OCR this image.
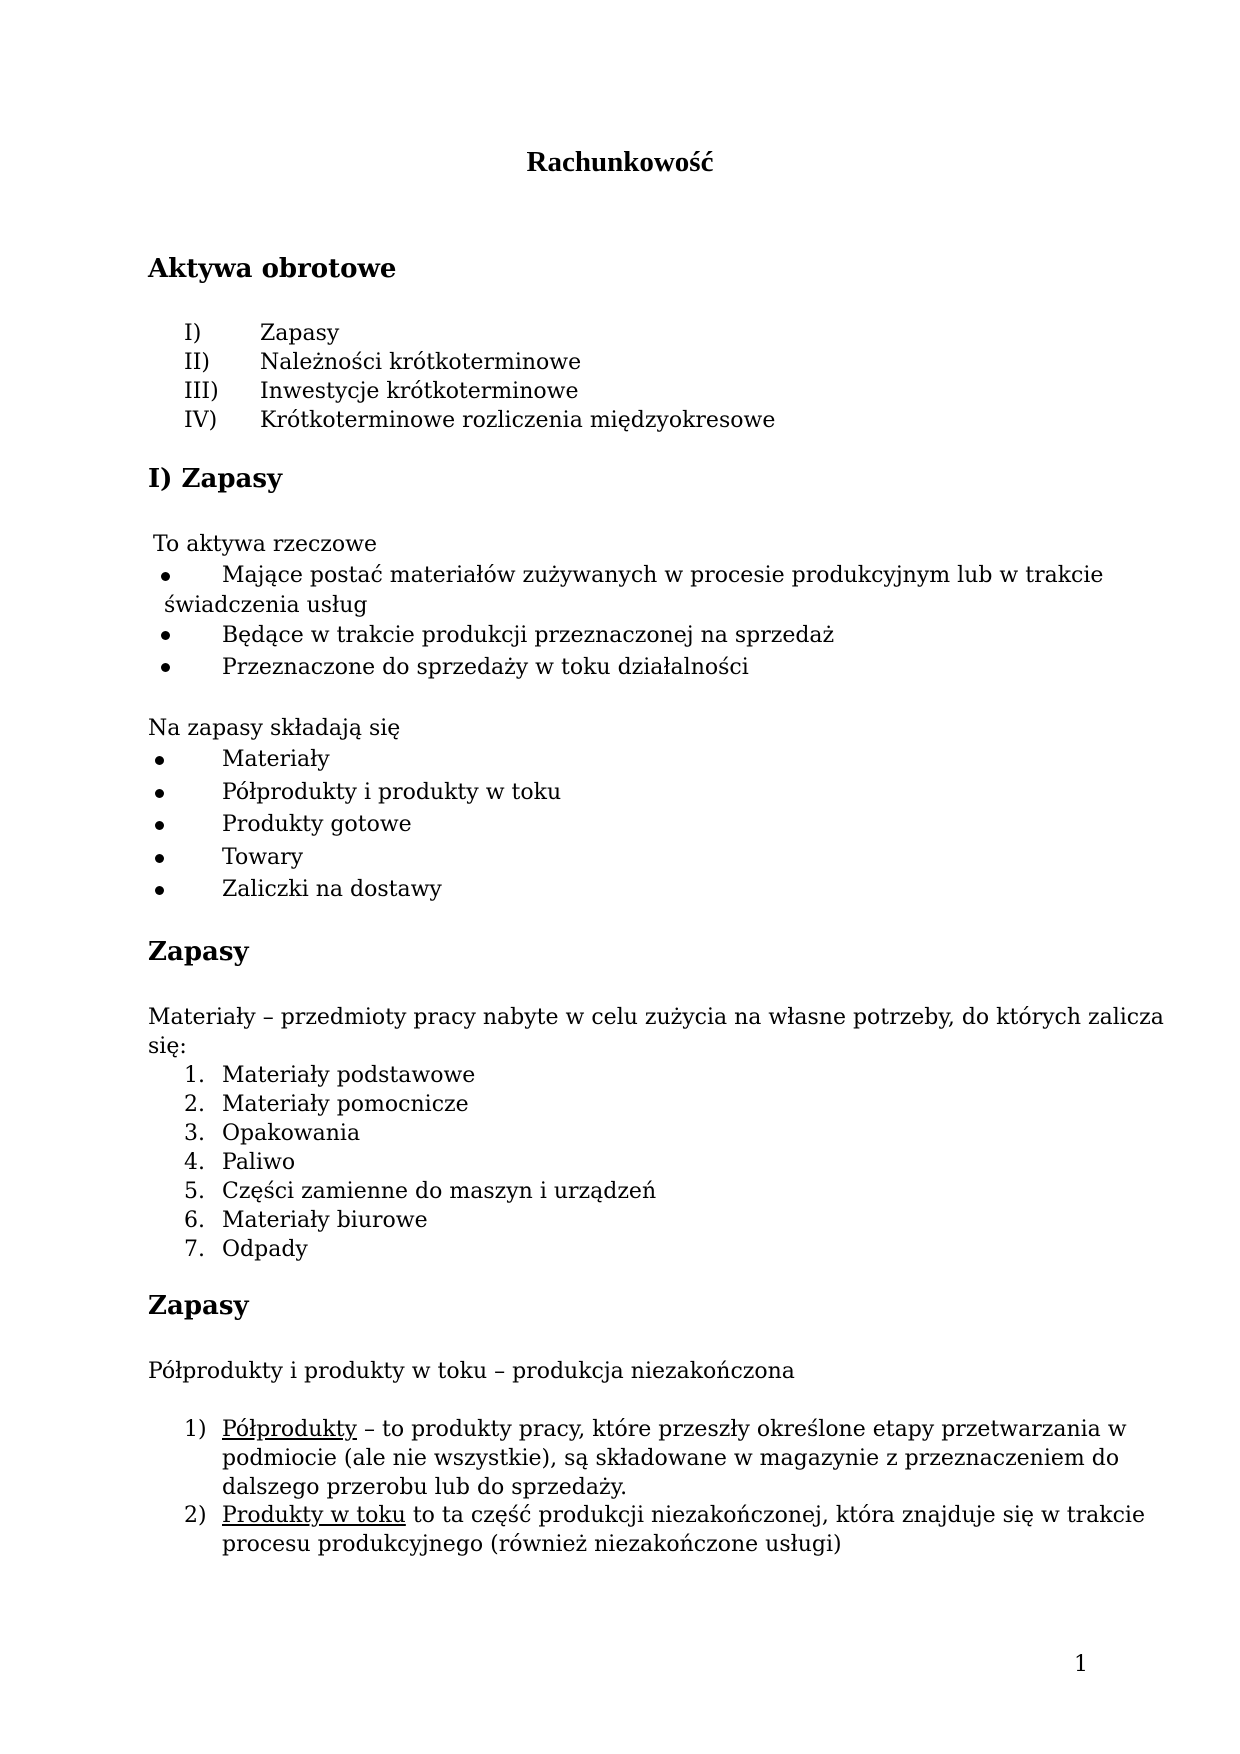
Rachunkowość
Aktywa obrotowe
I)	Zapasy
II) Należności krótkoterminowe
III) Inwestycje krótkoterminowe
IV) Krótkoterminowe rozliczenia międzyokresowe
I) Zapasy
To aktywa rzeczowe
Mające postać materiałów zużywanych w procesie produkcyjnym lub w trakcie
świadczenia usług
Będące w trakcie produkcji przeznaczonej na sprzedaż
Przeznaczone do sprzedaży w toku działalności
Na zapasy składają się
Materiały
Półprodukty i produkty w toku
Produkty gotowe
Towary
Zaliczki na dostawy
Zapasy
Materiały – przedmioty pracy nabyte w celu zużycia na własne potrzeby, do których zalicza
się:
1. Materiały podstawowe
2. Materiały pomocnicze
3. Opakowania
4. Paliwo
5. Części zamienne do maszyn i urządzeń
6. Materiały biurowe
7. Odpady
Zapasy
Półprodukty i produkty w toku – produkcja niezakończona
1) Półprodukty – to produkty pracy, które przeszły określone etapy przetwarzania w
podmiocie (ale nie wszystkie), są składowane w magazynie z przeznaczeniem do
dalszego przerobu lub do sprzedaży.
2) Produkty w toku to ta część produkcji niezakończonej, która znajduje się w trakcie
procesu produkcyjnego (również niezakończone usługi)
1
